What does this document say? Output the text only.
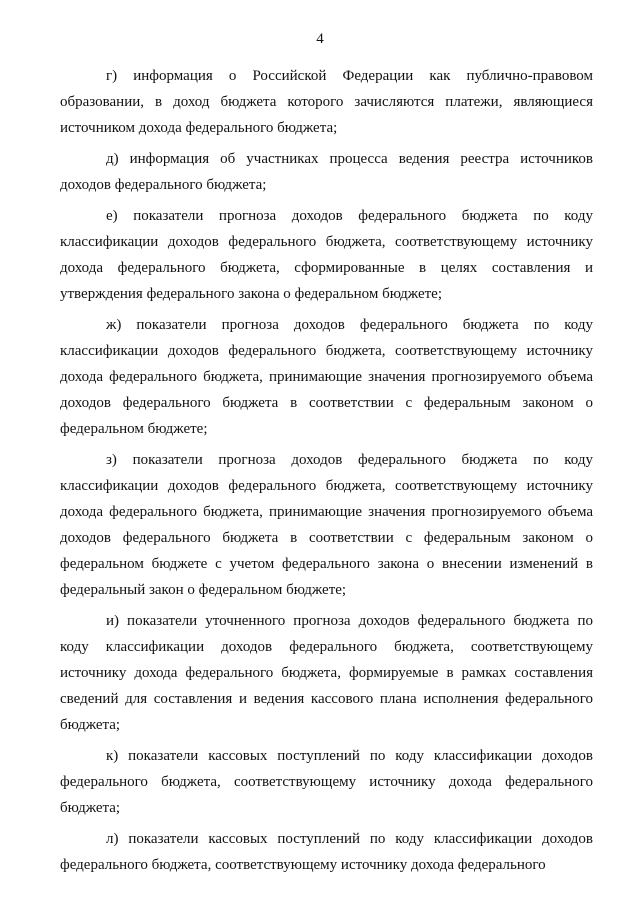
4

г) информация о Российской Федерации как публично-правовом образовании, в доход бюджета которого зачисляются платежи, являющиеся источником дохода федерального бюджета;

д) информация об участниках процесса ведения реестра источников доходов федерального бюджета;

е) показатели прогноза доходов федерального бюджета по коду классификации доходов федерального бюджета, соответствующему источнику дохода федерального бюджета, сформированные в целях составления и утверждения федерального закона о федеральном бюджете;

ж) показатели прогноза доходов федерального бюджета по коду классификации доходов федерального бюджета, соответствующему источнику дохода федерального бюджета, принимающие значения прогнозируемого объема доходов федерального бюджета в соответствии с федеральным законом о федеральном бюджете;

з) показатели прогноза доходов федерального бюджета по коду классификации доходов федерального бюджета, соответствующему источнику дохода федерального бюджета, принимающие значения прогнозируемого объема доходов федерального бюджета в соответствии с федеральным законом о федеральном бюджете с учетом федерального закона о внесении изменений в федеральный закон о федеральном бюджете;

и) показатели уточненного прогноза доходов федерального бюджета по коду классификации доходов федерального бюджета, соответствующему источнику дохода федерального бюджета, формируемые в рамках составления сведений для составления и ведения кассового плана исполнения федерального бюджета;

к) показатели кассовых поступлений по коду классификации доходов федерального бюджета, соответствующему источнику дохода федерального бюджета;

л) показатели кассовых поступлений по коду классификации доходов федерального бюджета, соответствующему источнику дохода федерального
